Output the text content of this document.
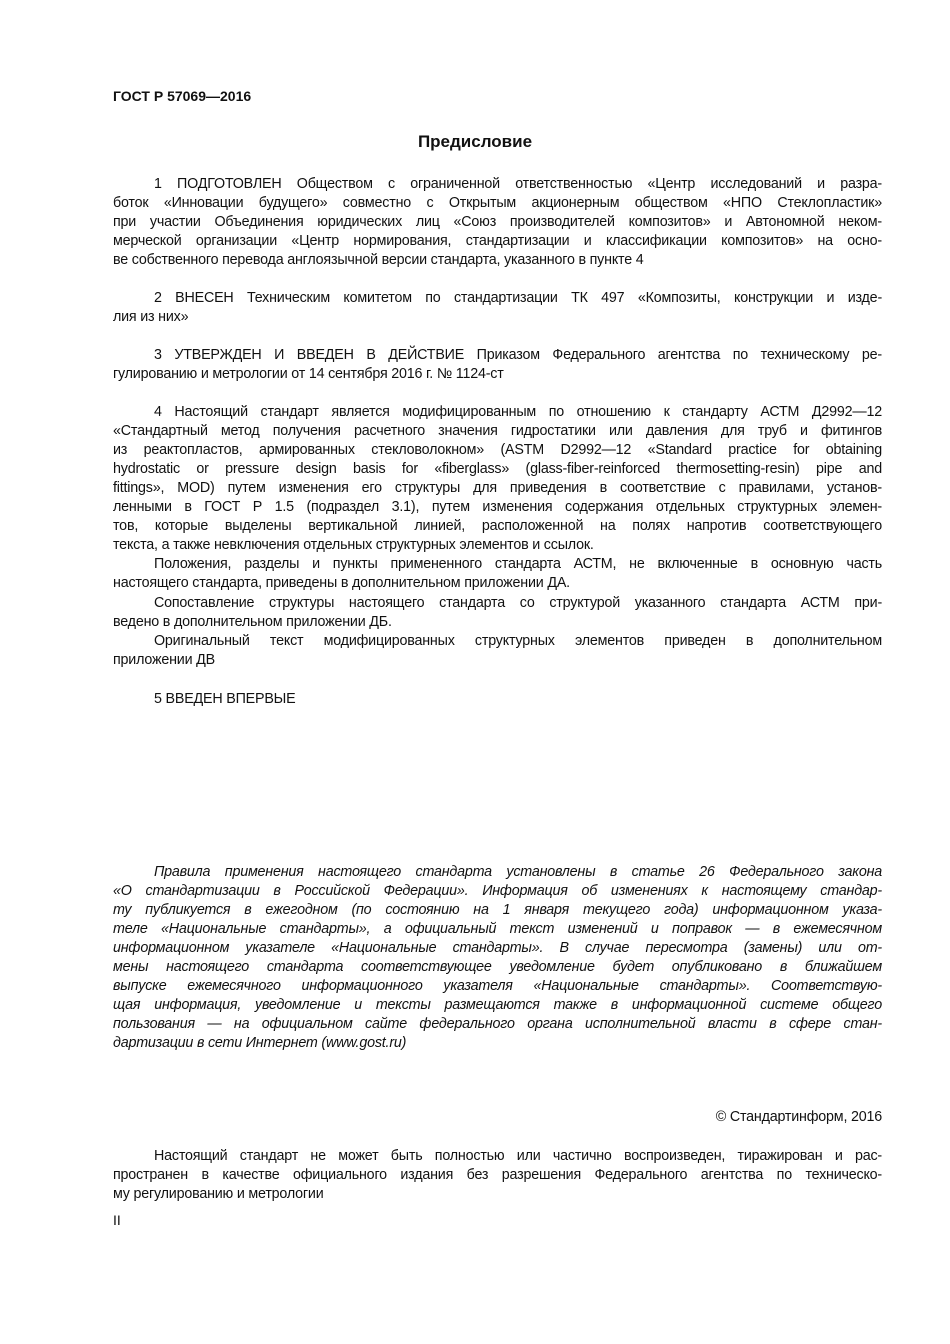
ГОСТ Р 57069—2016
Предисловие
1 ПОДГОТОВЛЕН Обществом с ограниченной ответственностью «Центр исследований и разра-
боток «Инновации будущего» совместно с Открытым акционерным обществом «НПО Стеклопластик»
при участии Объединения юридических лиц «Союз производителей композитов» и Автономной неком-
мерческой организации «Центр нормирования, стандартизации и классификации композитов» на осно-
ве собственного перевода англоязычной версии стандарта, указанного в пункте 4
2 ВНЕСЕН Техническим комитетом по стандартизации ТК 497 «Композиты, конструкции и изде-
лия из них»
3 УТВЕРЖДЕН И ВВЕДЕН В ДЕЙСТВИЕ Приказом Федерального агентства по техническому ре-
гулированию и метрологии от 14 сентября 2016 г. № 1124-ст
4 Настоящий стандарт является модифицированным по отношению к стандарту АСТМ Д2992—12
«Стандартный метод получения расчетного значения гидростатики или давления для труб и фитингов
из реактопластов, армированных стекловолокном» (ASTM D2992—12 «Standard practice for obtaining
hydrostatic or pressure design basis for «fiberglass» (glass-fiber-reinforced thermosetting-resin) pipe and
fittings», MOD) путем изменения его структуры для приведения в соответствие с правилами, установ-
ленными в ГОСТ Р 1.5 (подраздел 3.1), путем изменения содержания отдельных структурных элемен-
тов, которые выделены вертикальной линией, расположенной на полях напротив соответствующего
текста, а также невключения отдельных структурных элементов и ссылок.
Положения, разделы и пункты примененного стандарта АСТМ, не включенные в основную часть
настоящего стандарта, приведены в дополнительном приложении ДА.
Сопоставление структуры настоящего стандарта со структурой указанного стандарта АСТМ при-
ведено в дополнительном приложении ДБ.
Оригинальный текст модифицированных структурных элементов приведен в дополнительном
приложении ДВ
5 ВВЕДЕН ВПЕРВЫЕ
Правила применения настоящего стандарта установлены в статье 26 Федерального закона
«О стандартизации в Российской Федерации». Информация об изменениях к настоящему стандар-
ту публикуется в ежегодном (по состоянию на 1 января текущего года) информационном указа-
теле «Национальные стандарты», а официальный текст изменений и поправок — в ежемесячном
информационном указателе «Национальные стандарты». В случае пересмотра (замены) или от-
мены настоящего стандарта соответствующее уведомление будет опубликовано в ближайшем
выпуске ежемесячного информационного указателя «Национальные стандарты». Соответствую-
щая информация, уведомление и тексты размещаются также в информационной системе общего
пользования — на официальном сайте федерального органа исполнительной власти в сфере стан-
дартизации в сети Интернет (www.gost.ru)
© Стандартинформ, 2016
Настоящий стандарт не может быть полностью или частично воспроизведен, тиражирован и рас-
пространен в качестве официального издания без разрешения Федерального агентства по техническо-
му регулированию и метрологии
II
